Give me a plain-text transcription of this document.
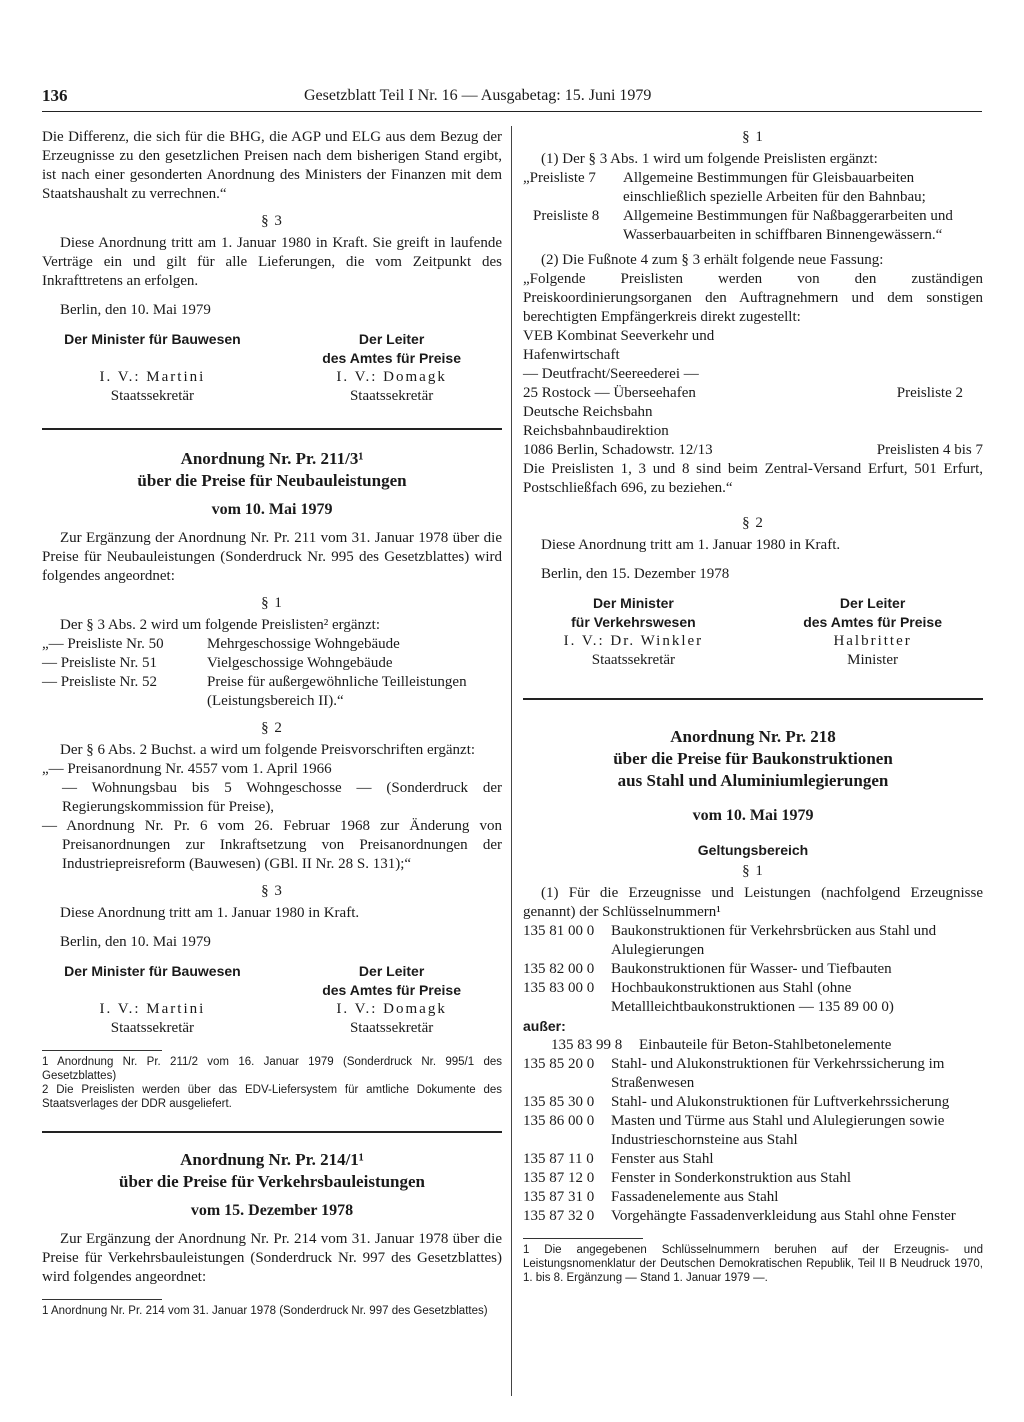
136	Gesetzblatt Teil I Nr. 16 — Ausgabetag: 15. Juni 1979

Die Differenz, die sich für die BHG, die AGP und ELG aus dem Bezug der Erzeugnisse zu den gesetzlichen Preisen nach dem bisherigen Stand ergibt, ist nach einer gesonderten Anordnung des Ministers der Finanzen mit dem Staatshaushalt zu verrechnen.“

§ 3

Diese Anordnung tritt am 1. Januar 1980 in Kraft. Sie greift in laufende Verträge ein und gilt für alle Lieferungen, die vom Zeitpunkt des Inkrafttretens an erfolgen.

Berlin, den 10. Mai 1979

Der Minister für Bauwesen
I. V.: Martini
Staatssekretär
Der Leiter
des Amtes für Preise
I. V.: Domagk
Staatssekretär
Anordnung Nr. Pr. 211/3¹
über die Preise für Neubauleistungen
vom 10. Mai 1979

Zur Ergänzung der Anordnung Nr. Pr. 211 vom 31. Januar 1978 über die Preise für Neubauleistungen (Sonderdruck Nr. 995 des Gesetzblattes) wird folgendes angeordnet:

§ 1

Der § 3 Abs. 2 wird um folgende Preislisten² ergänzt:

„— Preisliste Nr. 50	Mehrgeschossige Wohngebäude
— Preisliste Nr. 51	Vielgeschossige Wohngebäude
— Preisliste Nr. 52	Preise für außergewöhnliche Teilleistungen (Leistungsbereich II).“
§ 2

Der § 6 Abs. 2 Buchst. a wird um folgende Preisvorschriften ergänzt:

„— Preisanordnung Nr. 4557 vom 1. April 1966

— Wohnungsbau bis 5 Wohngeschosse — (Sonderdruck der Regierungskommission für Preise),

— Anordnung Nr. Pr. 6 vom 26. Februar 1968 zur Änderung von Preisanordnungen zur Inkraftsetzung von Preisanordnungen der Industriepreisreform (Bauwesen) (GBl. II Nr. 28 S. 131);“

§ 3

Diese Anordnung tritt am 1. Januar 1980 in Kraft.

Berlin, den 10. Mai 1979

Der Minister für Bauwesen
I. V.: Martini
Staatssekretär
Der Leiter
des Amtes für Preise
I. V.: Domagk
Staatssekretär

1 Anordnung Nr. Pr. 211/2 vom 16. Januar 1979 (Sonderdruck Nr. 995/1 des Gesetzblattes)

2 Die Preislisten werden über das EDV-Liefersystem für amtliche Dokumente des Staatsverlages der DDR ausgeliefert.

Anordnung Nr. Pr. 214/1¹
über die Preise für Verkehrsbauleistungen
vom 15. Dezember 1978

Zur Ergänzung der Anordnung Nr. Pr. 214 vom 31. Januar 1978 über die Preise für Verkehrsbauleistungen (Sonderdruck Nr. 997 des Gesetzblattes) wird folgendes angeordnet:

1 Anordnung Nr. Pr. 214 vom 31. Januar 1978 (Sonderdruck Nr. 997 des Gesetzblattes)

§ 1

(1) Der § 3 Abs. 1 wird um folgende Preislisten ergänzt:

„Preisliste 7	Allgemeine Bestimmungen für Gleisbauarbeiten einschließlich spezielle Arbeiten für den Bahnbau;
Preisliste 8	Allgemeine Bestimmungen für Naßbaggerarbeiten und Wasserbauarbeiten in schiffbaren Binnengewässern.“

(2) Die Fußnote 4 zum § 3 erhält folgende neue Fassung:

„Folgende Preislisten werden von den zuständigen Preiskoordinierungsorganen den Auftragnehmern und dem sonstigen berechtigten Empfängerkreis direkt zugestellt:

VEB Kombinat Seeverkehr und
Hafenwirtschaft
— Deutfracht/Seereederei —
25 Rostock — Überseehafen	Preisliste 2
Deutsche Reichsbahn
Reichsbahnbaudirektion
1086 Berlin, Schadowstr. 12/13	Preislisten 4 bis 7

Die Preislisten 1, 3 und 8 sind beim Zentral-Versand Erfurt, 501 Erfurt, Postschließfach 696, zu beziehen.“

§ 2

Diese Anordnung tritt am 1. Januar 1980 in Kraft.

Berlin, den 15. Dezember 1978

Der Minister
für Verkehrswesen
I. V.: Dr. Winkler
Staatssekretär
Der Leiter
des Amtes für Preise
Halbritter
Minister
Anordnung Nr. Pr. 218
über die Preise für Baukonstruktionen
aus Stahl und Aluminiumlegierungen
vom 10. Mai 1979
Geltungsbereich
§ 1

(1) Für die Erzeugnisse und Leistungen (nachfolgend Erzeugnisse genannt) der Schlüsselnummern¹

135 81 00 0	Baukonstruktionen für Verkehrsbrücken aus Stahl und Alulegierungen
135 82 00 0	Baukonstruktionen für Wasser- und Tiefbauten
135 83 00 0	Hochbaukonstruktionen aus Stahl (ohne Metallleichtbaukonstruktionen — 135 89 00 0)
außer:
135 83 99 8	Einbauteile für Beton-Stahlbetonelemente
135 85 20 0	Stahl- und Alukonstruktionen für Verkehrssicherung im Straßenwesen
135 85 30 0	Stahl- und Alukonstruktionen für Luftverkehrssicherung
135 86 00 0	Masten und Türme aus Stahl und Alulegierungen sowie Industrieschornsteine aus Stahl
135 87 11 0	Fenster aus Stahl
135 87 12 0	Fenster in Sonderkonstruktion aus Stahl
135 87 31 0	Fassadenelemente aus Stahl
135 87 32 0	Vorgehängte Fassadenverkleidung aus Stahl ohne Fenster

1 Die angegebenen Schlüsselnummern beruhen auf der Erzeugnis- und Leistungsnomenklatur der Deutschen Demokratischen Republik, Teil II B Neudruck 1970, 1. bis 8. Ergänzung — Stand 1. Januar 1979 —.
